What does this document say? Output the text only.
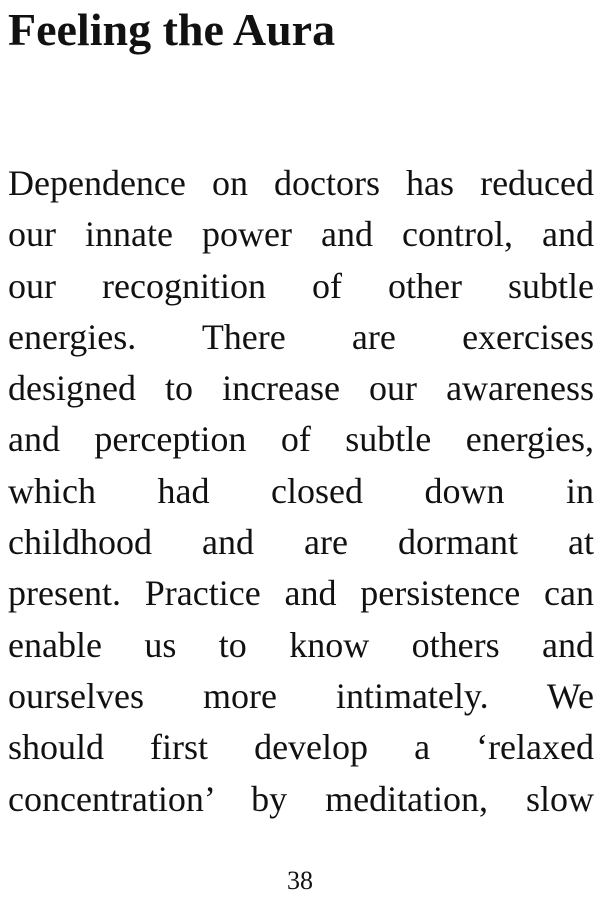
Feeling the Aura
Dependence on doctors has reduced
our innate power and control, and
our recognition of other subtle
energies. There are exercises
designed to increase our awareness
and perception of subtle energies,
which had closed down in
childhood and are dormant at
present. Practice and persistence can
enable us to know others and
ourselves more intimately. We
should first develop a ‘relaxed
concentration’ by meditation, slow
38
